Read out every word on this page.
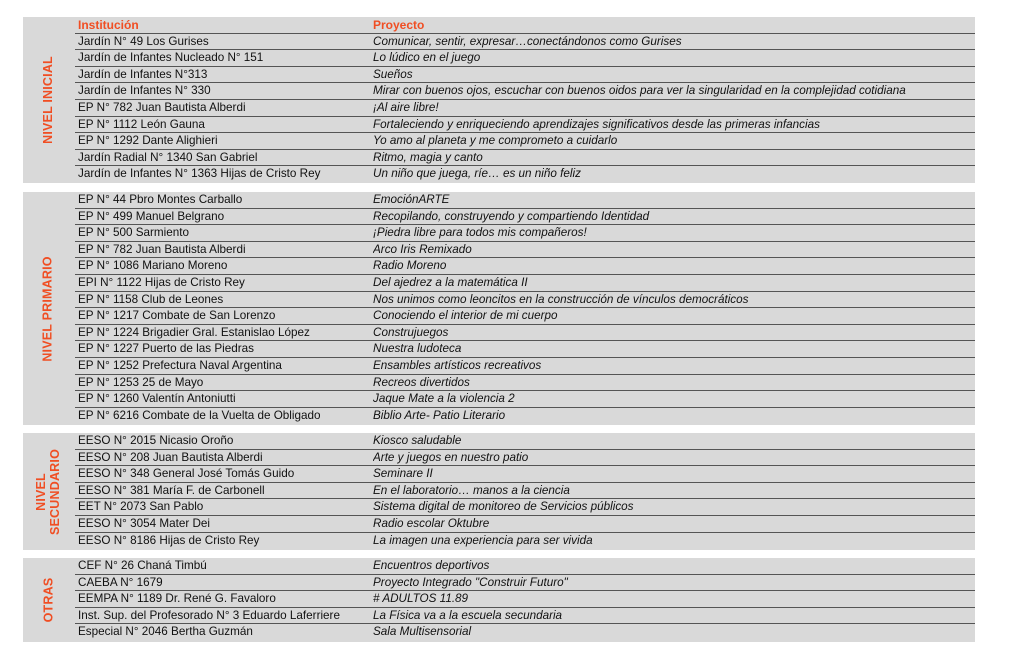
NIVEL INICIAL
Institución	Proyecto
Jardín N° 49 Los Gurises	Comunicar, sentir, expresar…conectándonos como Gurises
Jardín de Infantes Nucleado N° 151	Lo lúdico en el juego
Jardín de Infantes N°313	Sueños
Jardín de Infantes N° 330	Mirar con buenos ojos, escuchar con buenos oidos para ver la singularidad en la complejidad cotidiana
EP N° 782 Juan Bautista Alberdi	¡Al aire libre!
EP N° 1112 León Gauna	Fortaleciendo y enriqueciendo aprendizajes significativos desde las primeras infancias
EP N° 1292 Dante Alighieri	Yo amo al planeta y me comprometo a cuidarlo
Jardín Radial N° 1340 San Gabriel	Ritmo, magia y canto
Jardín de Infantes N° 1363 Hijas de Cristo Rey	Un niño que juega, ríe… es un niño feliz
NIVEL PRIMARIO
EP N° 44 Pbro Montes Carballo	EmociónARTE
EP N° 499 Manuel Belgrano	Recopilando, construyendo y compartiendo Identidad
EP N° 500 Sarmiento	¡Piedra libre para todos mis compañeros!
EP N° 782 Juan Bautista Alberdi	Arco Iris Remixado
EP N° 1086 Mariano Moreno	Radio Moreno
EPI N° 1122 Hijas de Cristo Rey	Del ajedrez a la matemática II
EP N° 1158 Club de Leones	Nos unimos como leoncitos en la construcción de vínculos democráticos
EP N° 1217 Combate de San Lorenzo	Conociendo el interior de mi cuerpo
EP N° 1224 Brigadier Gral. Estanislao López	Construjuegos
EP N° 1227 Puerto de las Piedras	Nuestra ludoteca
EP N° 1252 Prefectura Naval Argentina	Ensambles artísticos recreativos
EP N° 1253 25 de Mayo	Recreos divertidos
EP N° 1260 Valentín Antoniutti	Jaque Mate a la violencia 2
EP N° 6216 Combate de la Vuelta de Obligado	Biblio Arte- Patio Literario
NIVEL
SECUNDARIO
EESO N° 2015 Nicasio Oroño	Kiosco saludable
EESO N° 208 Juan Bautista Alberdi	Arte y juegos en nuestro patio
EESO N° 348 General José Tomás Guido	Seminare II
EESO N° 381 María F. de Carbonell	En el laboratorio… manos a la ciencia
EET N° 2073 San Pablo	Sistema digital de monitoreo de Servicios públicos
EESO N° 3054 Mater Dei	Radio escolar Oktubre
EESO N° 8186 Hijas de Cristo Rey	La imagen una experiencia para ser vivida
OTRAS
CEF N° 26 Chaná Timbú	Encuentros deportivos
CAEBA N° 1679	Proyecto Integrado "Construir Futuro"
EEMPA N° 1189 Dr. René G. Favaloro	# ADULTOS 11.89
Inst. Sup. del Profesorado N° 3 Eduardo Laferriere	La Física va a la escuela secundaria
Especial N° 2046 Bertha Guzmán	Sala Multisensorial
